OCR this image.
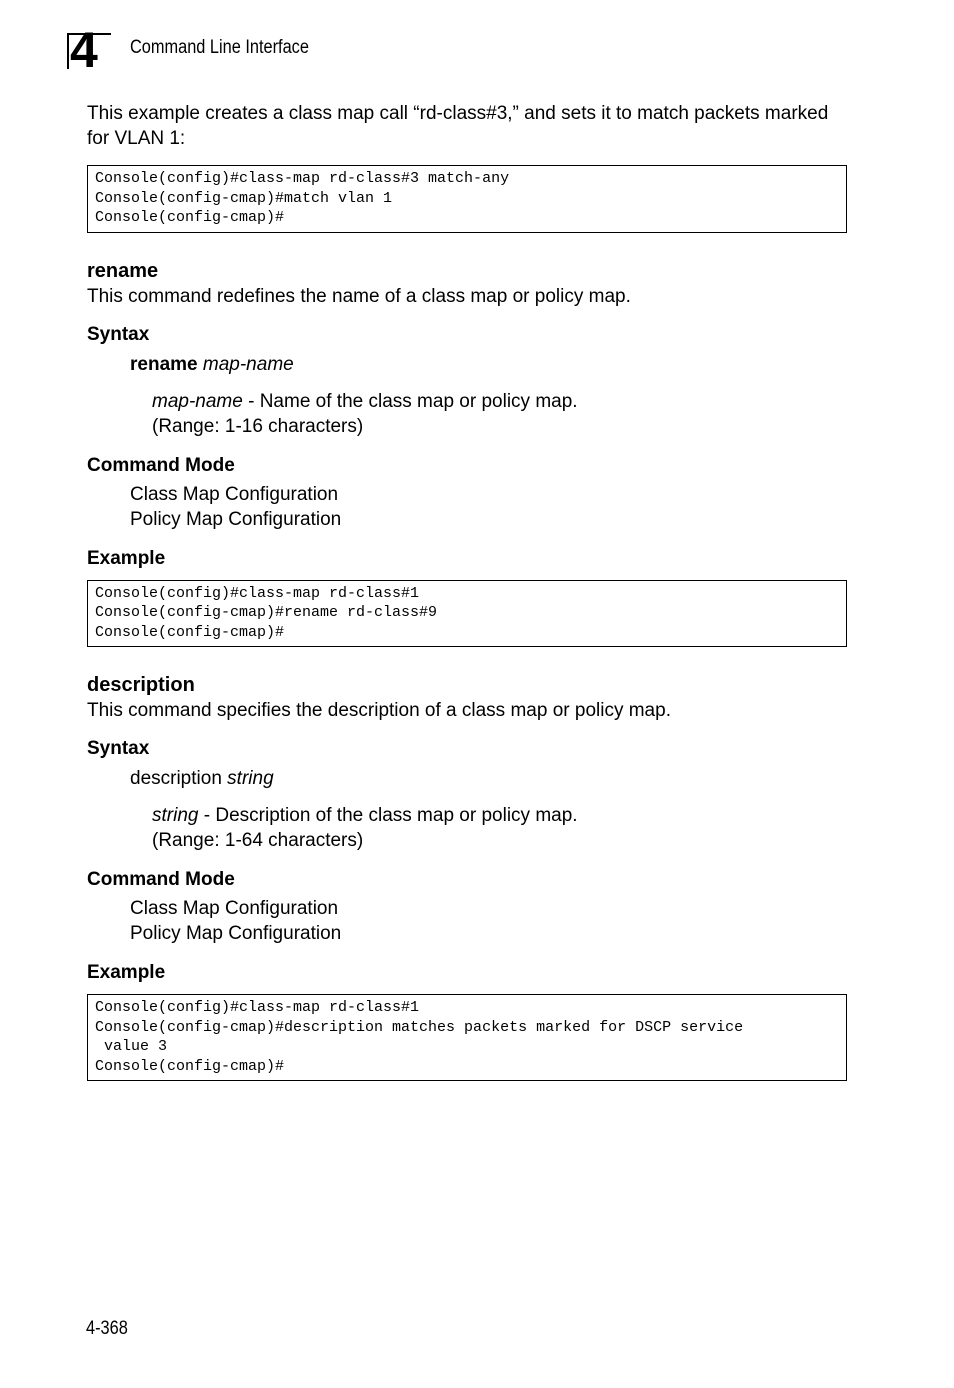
4 Command Line Interface

This example creates a class map call “rd-class#3,” and sets it to match packets marked for VLAN 1:

Console(config)#class-map rd-class#3 match-any
Console(config-cmap)#match vlan 1
Console(config-cmap)#
rename

This command redefines the name of a class map or policy map.

Syntax

rename map-name

map-name - Name of the class map or policy map.

(Range: 1-16 characters)

Command Mode

Class Map Configuration

Policy Map Configuration

Example
Console(config)#class-map rd-class#1
Console(config-cmap)#rename rd-class#9
Console(config-cmap)#
description

This command specifies the description of a class map or policy map.

Syntax

description string

string - Description of the class map or policy map.

(Range: 1-64 characters)

Command Mode

Class Map Configuration

Policy Map Configuration

Example
Console(config)#class-map rd-class#1
Console(config-cmap)#description matches packets marked for DSCP service
value 3
Console(config-cmap)#
4-368
